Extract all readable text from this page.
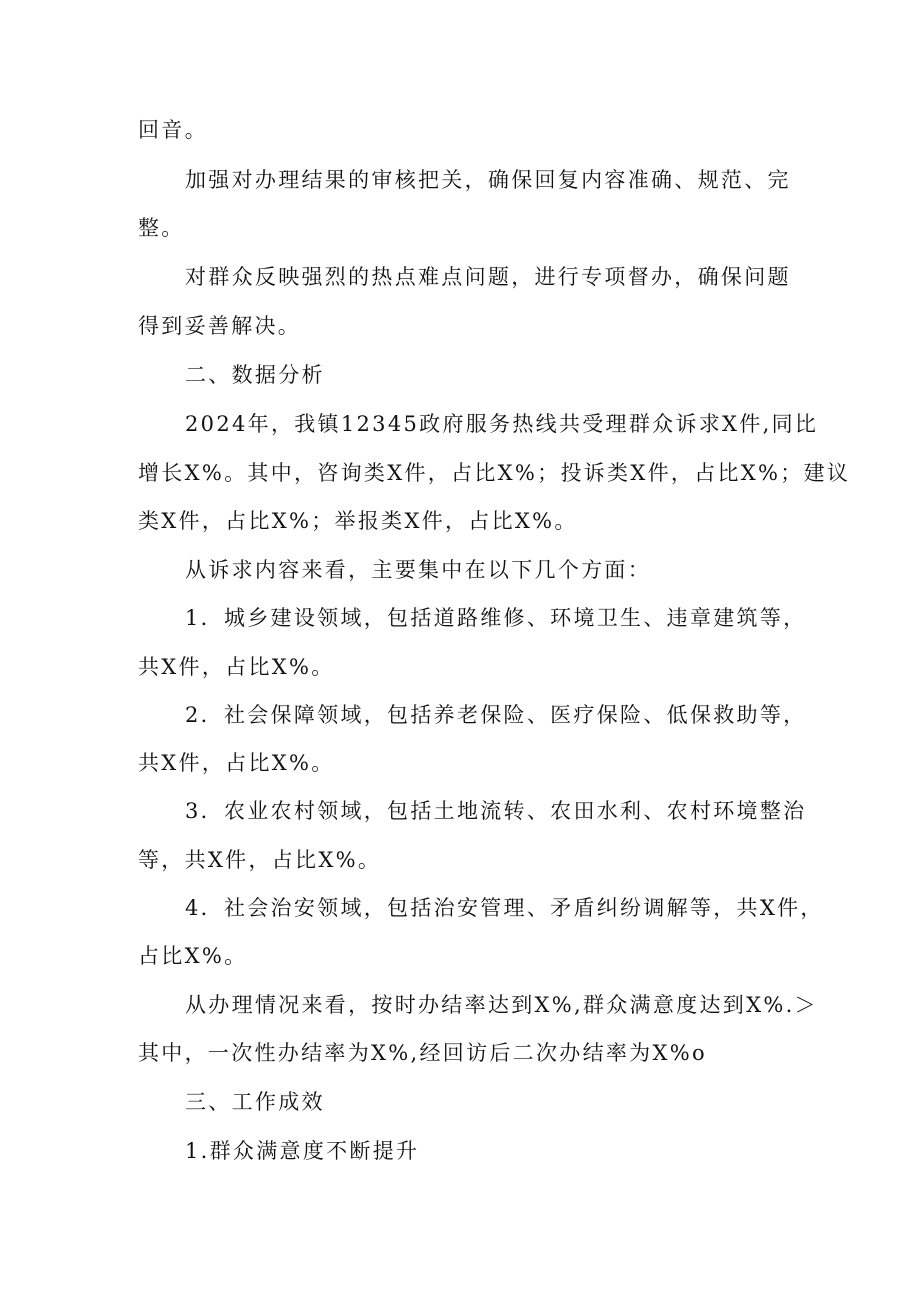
回音。
加强对办理结果的审核把关，确保回复内容准确、规范、完
整。
对群众反映强烈的热点难点问题，进行专项督办，确保问题
得到妥善解决。
二、数据分析
2024年，我镇12345政府服务热线共受理群众诉求X件,同比
增长X%。其中，咨询类X件，占比X%；投诉类X件，占比X%；建议
类X件，占比X%；举报类X件，占比X%。
从诉求内容来看，主要集中在以下几个方面：
1．城乡建设领域，包括道路维修、环境卫生、违章建筑等，
共X件，占比X%。
2．社会保障领域，包括养老保险、医疗保险、低保救助等，
共X件，占比X%。
3．农业农村领域，包括土地流转、农田水利、农村环境整治
等，共X件，占比X%。
4．社会治安领域，包括治安管理、矛盾纠纷调解等，共X件，
占比X%。
从办理情况来看，按时办结率达到X%,群众满意度达到X%.＞
其中，一次性办结率为X%,经回访后二次办结率为X%o
三、工作成效
1.群众满意度不断提升
